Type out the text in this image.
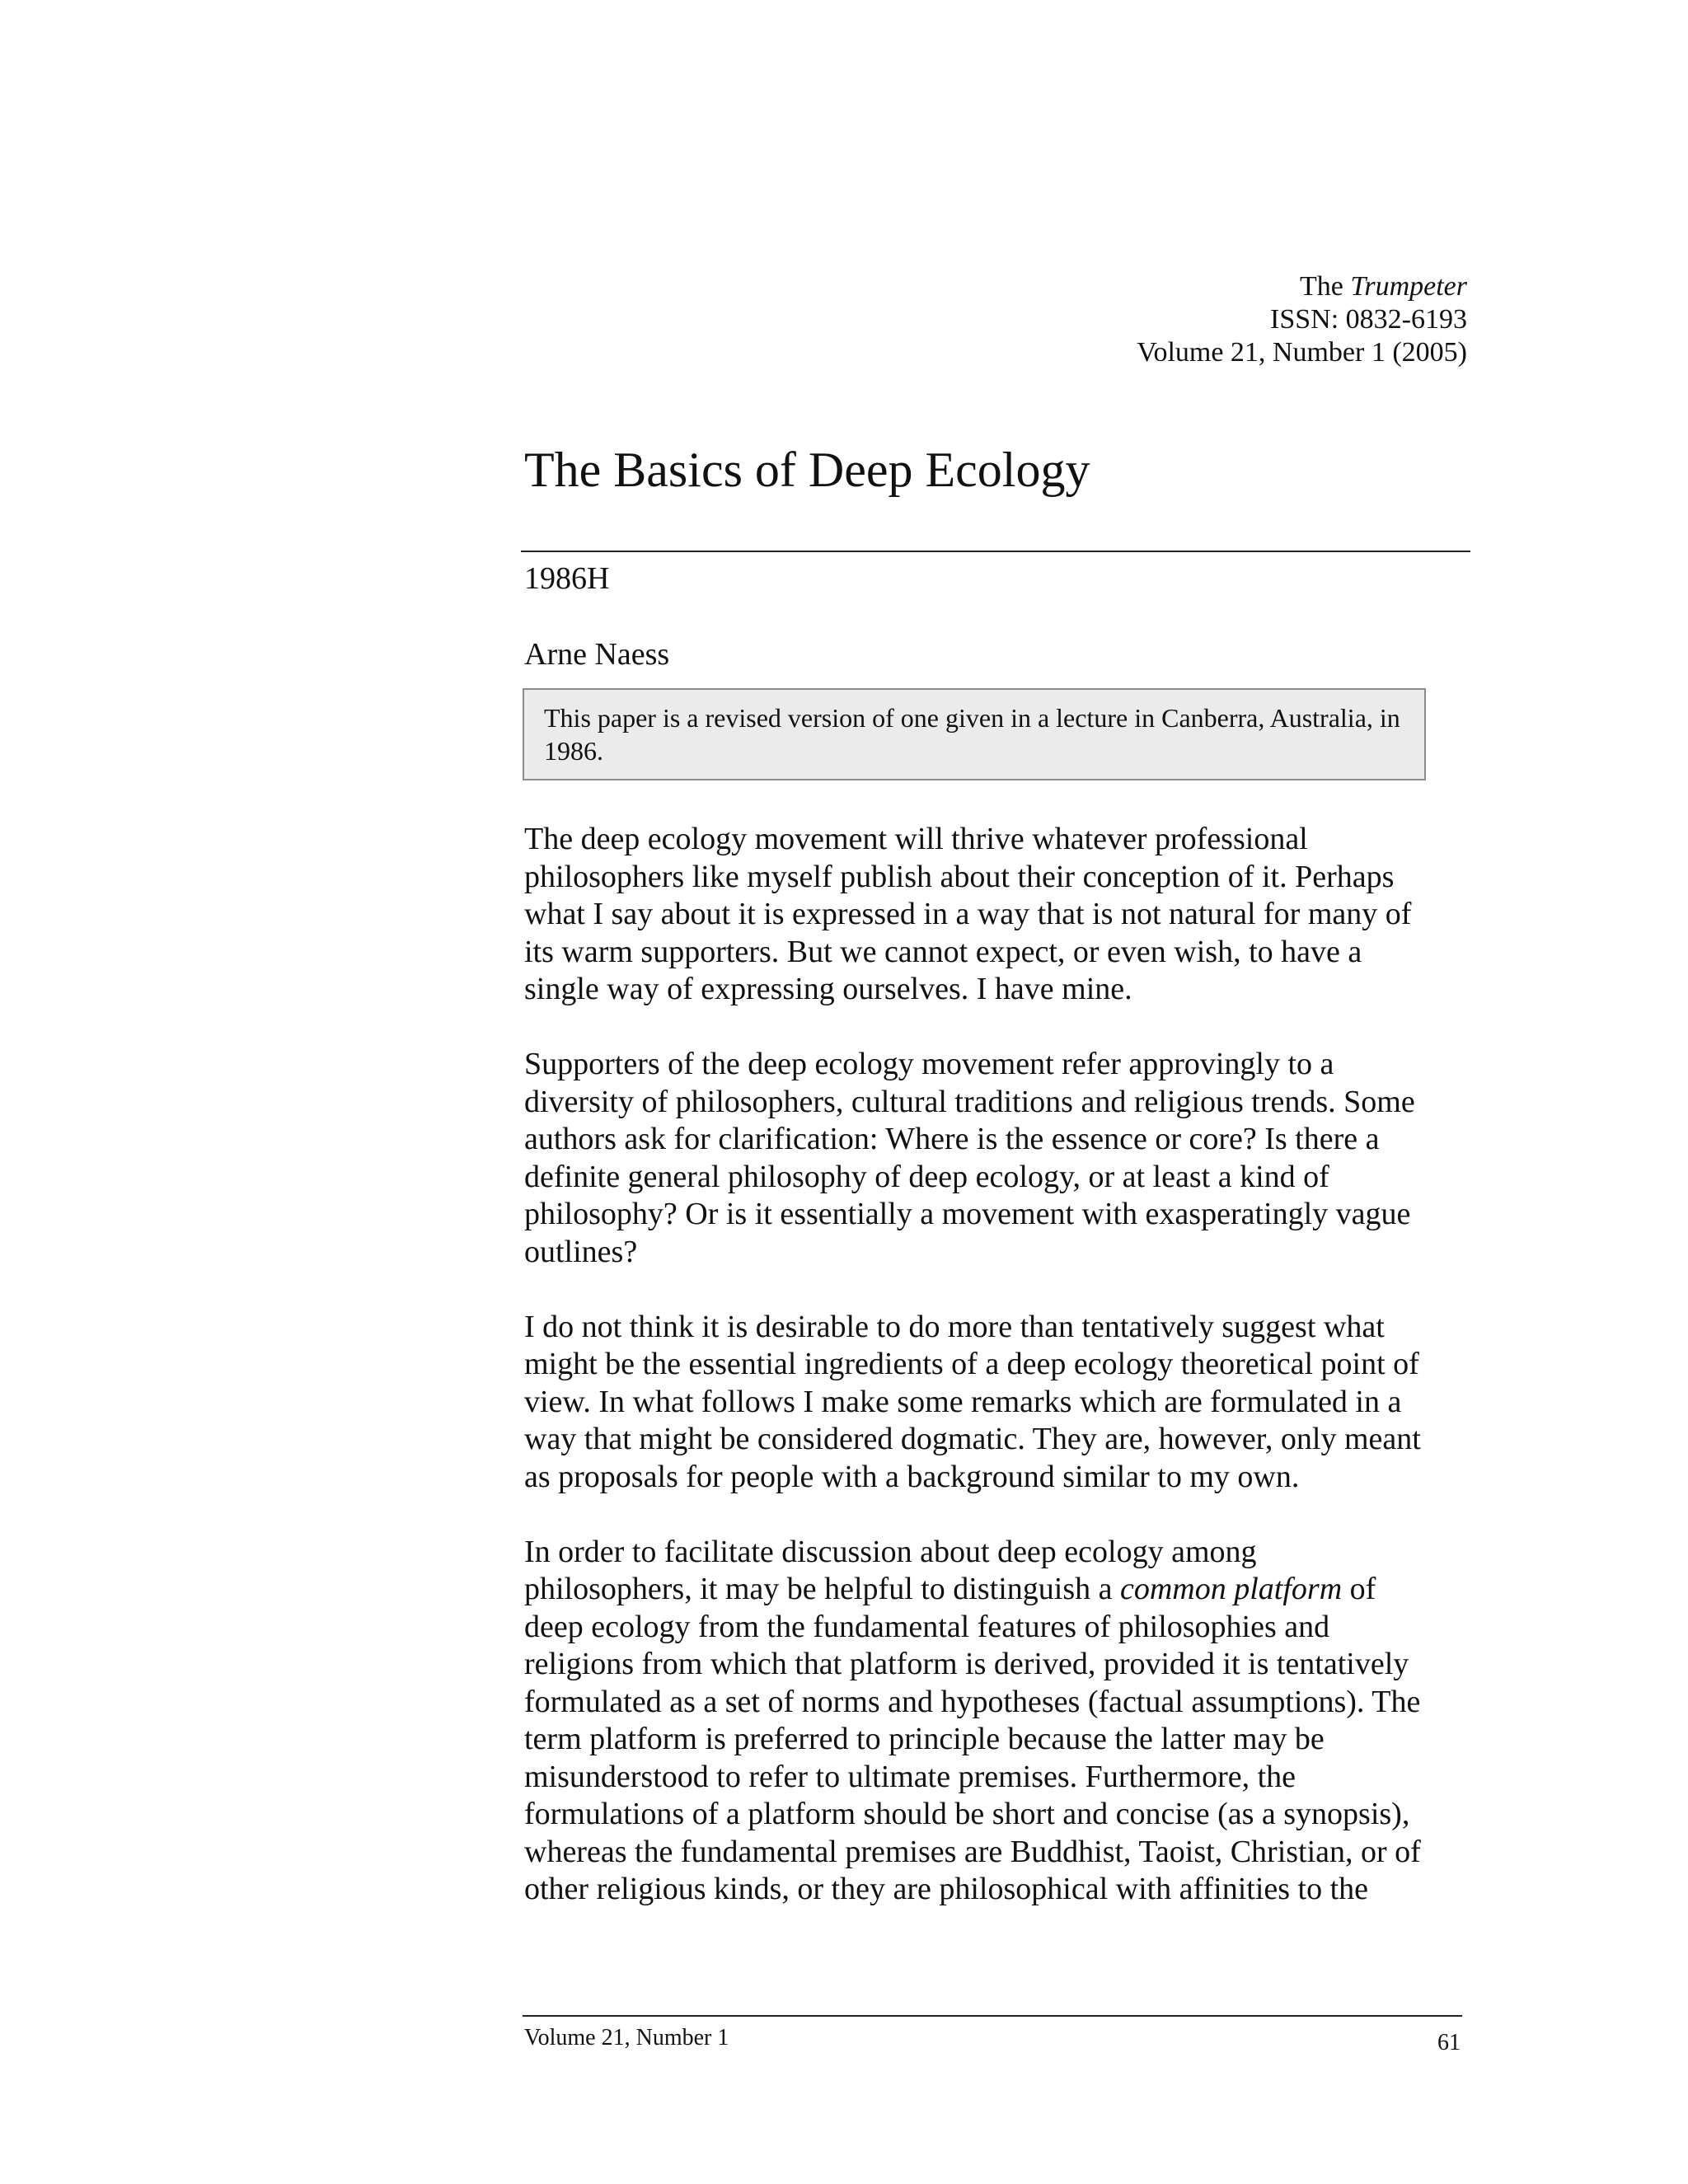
The Trumpeter
ISSN: 0832-6193
Volume 21, Number 1 (2005)
The Basics of Deep Ecology
1986H
Arne Naess
This paper is a revised version of one given in a lecture in Canberra, Australia, in 1986.

The deep ecology movement will thrive whatever professional
philosophers like myself publish about their conception of it. Perhaps
what I say about it is expressed in a way that is not natural for many of
its warm supporters. But we cannot expect, or even wish, to have a
single way of expressing ourselves. I have mine.

Supporters of the deep ecology movement refer approvingly to a
diversity of philosophers, cultural traditions and religious trends. Some
authors ask for clarification: Where is the essence or core? Is there a
definite general philosophy of deep ecology, or at least a kind of
philosophy? Or is it essentially a movement with exasperatingly vague
outlines?

I do not think it is desirable to do more than tentatively suggest what
might be the essential ingredients of a deep ecology theoretical point of
view. In what follows I make some remarks which are formulated in a
way that might be considered dogmatic. They are, however, only meant
as proposals for people with a background similar to my own.

In order to facilitate discussion about deep ecology among
philosophers, it may be helpful to distinguish a common platform of
deep ecology from the fundamental features of philosophies and
religions from which that platform is derived, provided it is tentatively
formulated as a set of norms and hypotheses (factual assumptions). The
term platform is preferred to principle because the latter may be
misunderstood to refer to ultimate premises. Furthermore, the
formulations of a platform should be short and concise (as a synopsis),
whereas the fundamental premises are Buddhist, Taoist, Christian, or of
other religious kinds, or they are philosophical with affinities to the

Volume 21, Number 1	61
